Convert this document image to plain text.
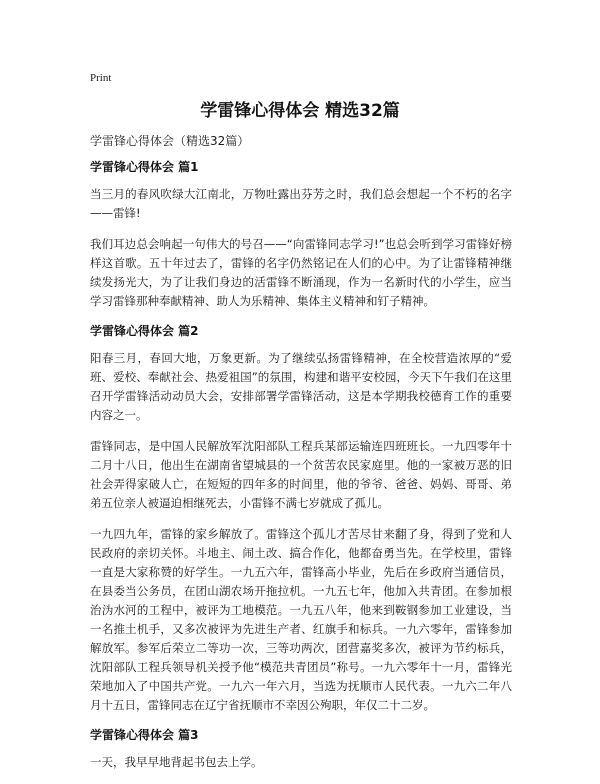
Print
学雷锋心得体会 精选32篇
学雷锋心得体会（精选32篇）
学雷锋心得体会 篇1

当三月的春风吹绿大江南北，万物吐露出芬芳之时，我们总会想起一个不朽的名字——雷锋!

我们耳边总会响起一句伟大的号召——“向雷锋同志学习!”也总会听到学习雷锋好榜样这首歌。五十年过去了，雷锋的名字仍然铭记在人们的心中。为了让雷锋精神继续发扬光大，为了让我们身边的活雷锋不断涌现，作为一名新时代的小学生，应当学习雷锋那种奉献精神、助人为乐精神、集体主义精神和钉子精神。

学雷锋心得体会 篇2

阳春三月，春回大地，万象更新。为了继续弘扬雷锋精神，在全校营造浓厚的“爱班、爱校、奉献社会、热爱祖国”的氛围，构建和谐平安校园，今天下午我们在这里召开学雷锋活动动员大会，安排部署学雷锋活动，这是本学期我校德育工作的重要内容之一。

雷锋同志，是中国人民解放军沈阳部队工程兵某部运输连四班班长。一九四零年十二月十八日，他出生在湖南省望城县的一个贫苦农民家庭里。他的一家被万恶的旧社会弄得家破人亡，在短短的四年多的时间里，他的爷爷、爸爸、妈妈、哥哥、弟弟五位亲人被逼迫相继死去，小雷锋不满七岁就成了孤儿。

一九四九年，雷锋的家乡解放了。雷锋这个孤儿才苦尽甘来翻了身，得到了党和人民政府的亲切关怀。斗地主、闹土改、搞合作化，他都奋勇当先。在学校里，雷锋一直是大家称赞的好学生。一九五六年，雷锋高小毕业，先后在乡政府当通信员，在县委当公务员，在团山湖农场开拖拉机。一九五七年，他加入共青团。在参加根治沩水河的工程中，被评为工地模范。一九五八年，他来到鞍钢参加工业建设，当一名推土机手，又多次被评为先进生产者、红旗手和标兵。一九六零年，雷锋参加解放军。参军后荣立二等功一次，三等功两次，团营嘉奖多次，被评为节约标兵，沈阳部队工程兵领导机关授予他“模范共青团员”称号。一九六零年十一月，雷锋光荣地加入了中国共产党。一九六一年六月，当选为抚顺市人民代表。一九六二年八月十五日，雷锋同志在辽宁省抚顺市不幸因公殉职，年仅二十二岁。

学雷锋心得体会 篇3

一天，我早早地背起书包去上学。
